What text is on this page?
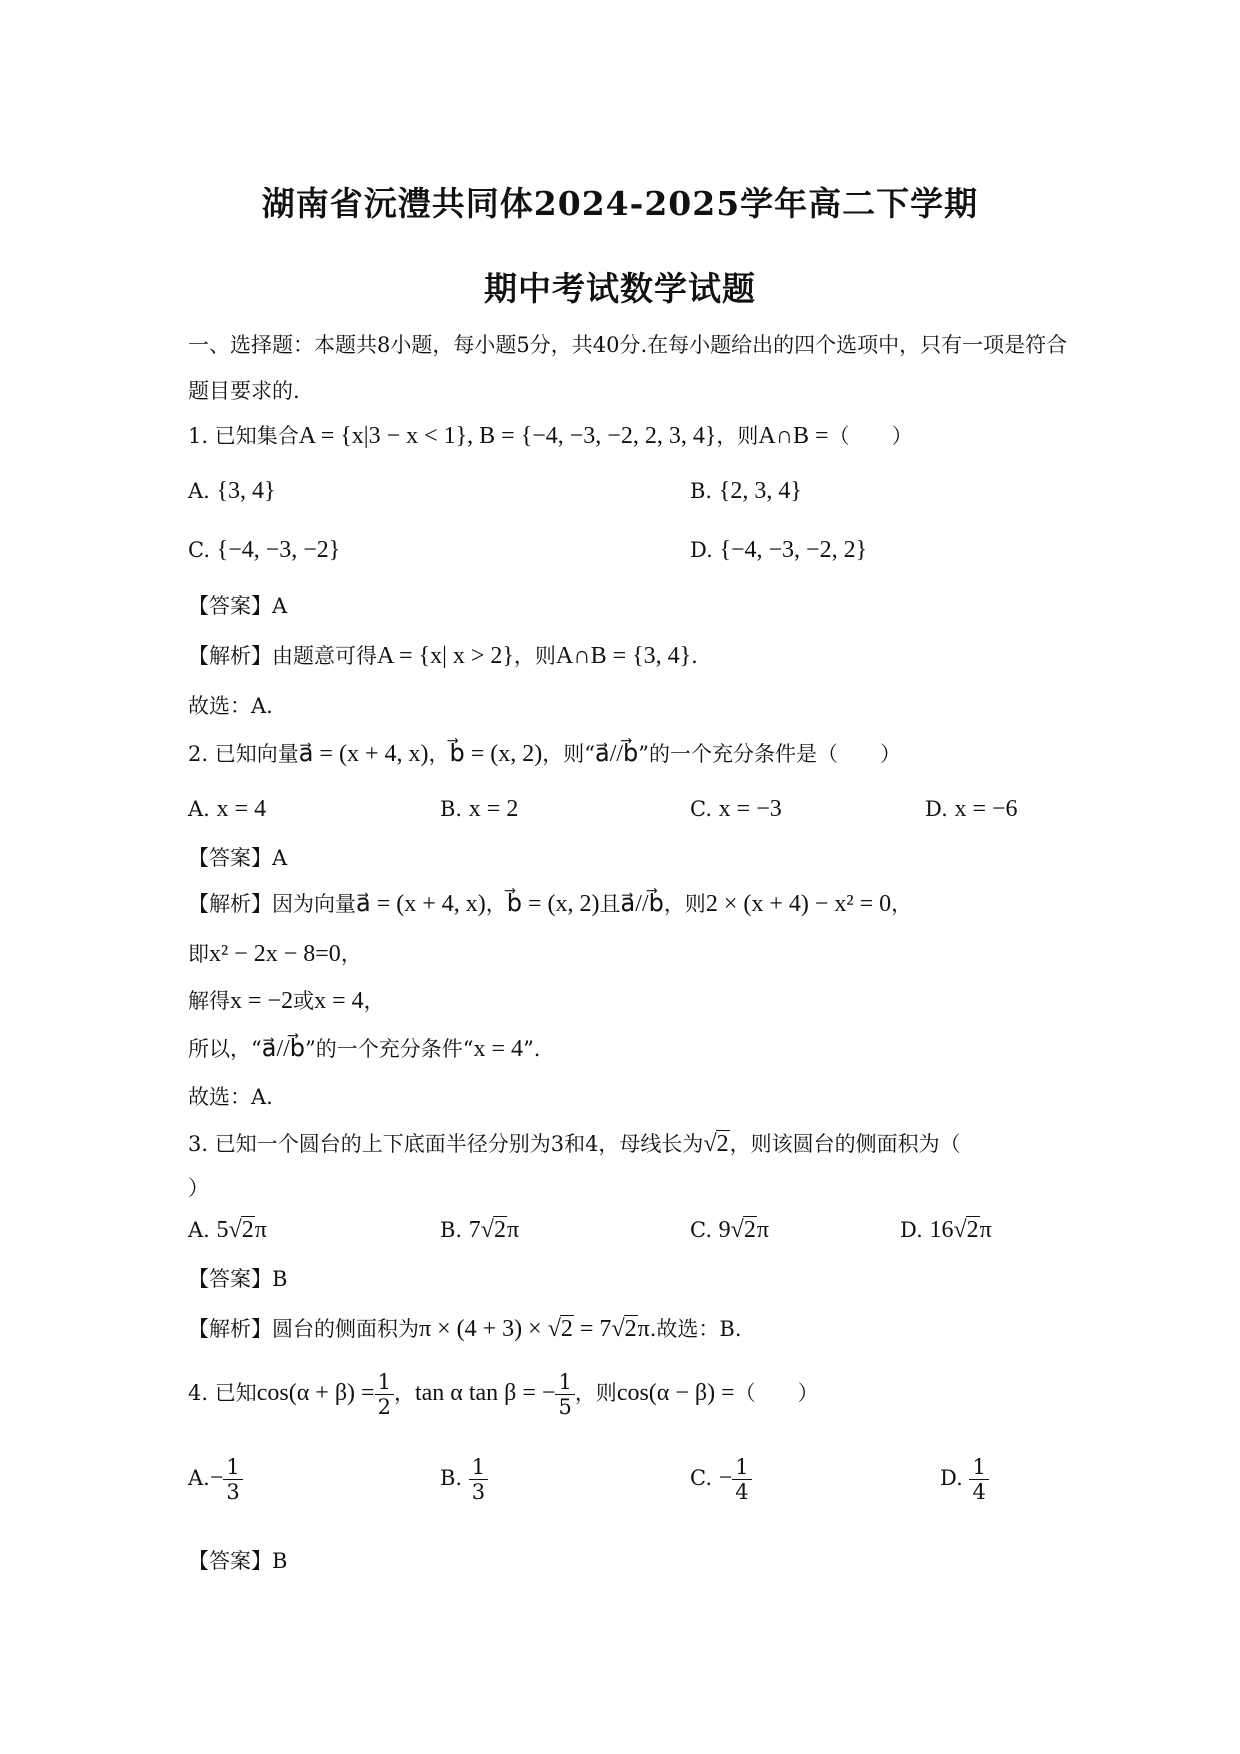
湖南省沅澧共同体2024-2025学年高二下学期
期中考试数学试题
一、选择题：本题共8小题，每小题5分，共40分.在每小题给出的四个选项中，只有一项是符合题目要求的.
1. 已知集合A = {x|3 − x < 1}, B = {−4, −3, −2, 2, 3, 4}，则A∩B =（　　）
A. {3, 4}	B. {2, 3, 4}
C. {−4, −3, −2}	D. {−4, −3, −2, 2}
【答案】A
【解析】由题意可得A = {x| x > 2}，则A∩B = {3, 4}.
故选：A.
2. 已知向量a⃗ = (x + 4, x)，b⃗ = (x, 2)，则“a⃗//b⃗”的一个充分条件是（　　）
A. x = 4	B. x = 2	C. x = −3	D. x = −6
【答案】A
【解析】因为向量a⃗ = (x + 4, x)，b⃗ = (x, 2)且a⃗//b⃗，则2 × (x + 4) − x² = 0，
即x² − 2x − 8=0，
解得x = −2或x = 4，
所以，“a⃗//b⃗”的一个充分条件“x = 4”.
故选：A.
3. 已知一个圆台的上下底面半径分别为3和4，母线长为√2，则该圆台的侧面积为（
）
A. 5√2π	B. 7√2π	C. 9√2π	D. 16√2π
【答案】B
【解析】圆台的侧面积为π × (4 + 3) × √2 = 7√2π.故选：B.
4. 已知$\cos(\alpha + \beta) = \frac{1}{2}$ ，tan α tan β = − $\frac{1}{5}$ ，则cos(α − β) =（　　）
$A.- \frac{1}{3}$	B. $\frac{1}{3}$	C. − $\frac{1}{4}$	D. $\frac{1}{4}$
【答案】B
